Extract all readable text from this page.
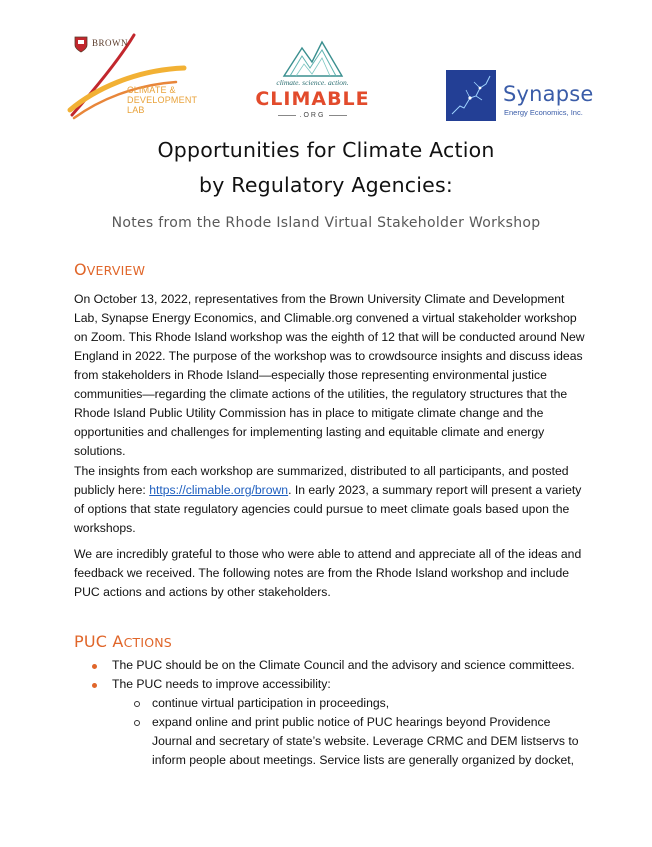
BROWN
CLIMATE &
DEVELOPMENT
LAB
climate. science. action.
CLIMABLE
.ORG
Synapse
Energy Economics, Inc.
Opportunities for Climate Action
by Regulatory Agencies:
Notes from the Rhode Island Virtual Stakeholder Workshop
OVERVIEW

On October 13, 2022, representatives from the Brown University Climate and Development Lab, Synapse Energy Economics, and Climable.org convened a virtual stakeholder workshop on Zoom. This Rhode Island workshop was the eighth of 12 that will be conducted around New England in 2022. The purpose of the workshop was to crowdsource insights and discuss ideas from stakeholders in Rhode Island—especially those representing environmental justice communities—regarding the climate actions of the utilities, the regulatory structures that the Rhode Island Public Utility Commission has in place to mitigate climate change and the opportunities and challenges for implementing lasting and equitable climate and energy solutions.

The insights from each workshop are summarized, distributed to all participants, and posted publicly here: https://climable.org/brown. In early 2023, a summary report will present a variety of options that state regulatory agencies could pursue to meet climate goals based upon the workshops.

We are incredibly grateful to those who were able to attend and appreciate all of the ideas and feedback we received. The following notes are from the Rhode Island workshop and include PUC actions and actions by other stakeholders.

PUC ACTIONS
The PUC should be on the Climate Council and the advisory and science committees.
The PUC needs to improve accessibility:
continue virtual participation in proceedings,
expand online and print public notice of PUC hearings beyond Providence Journal and secretary of state’s website. Leverage CRMC and DEM listservs to inform people about meetings. Service lists are generally organized by docket,
